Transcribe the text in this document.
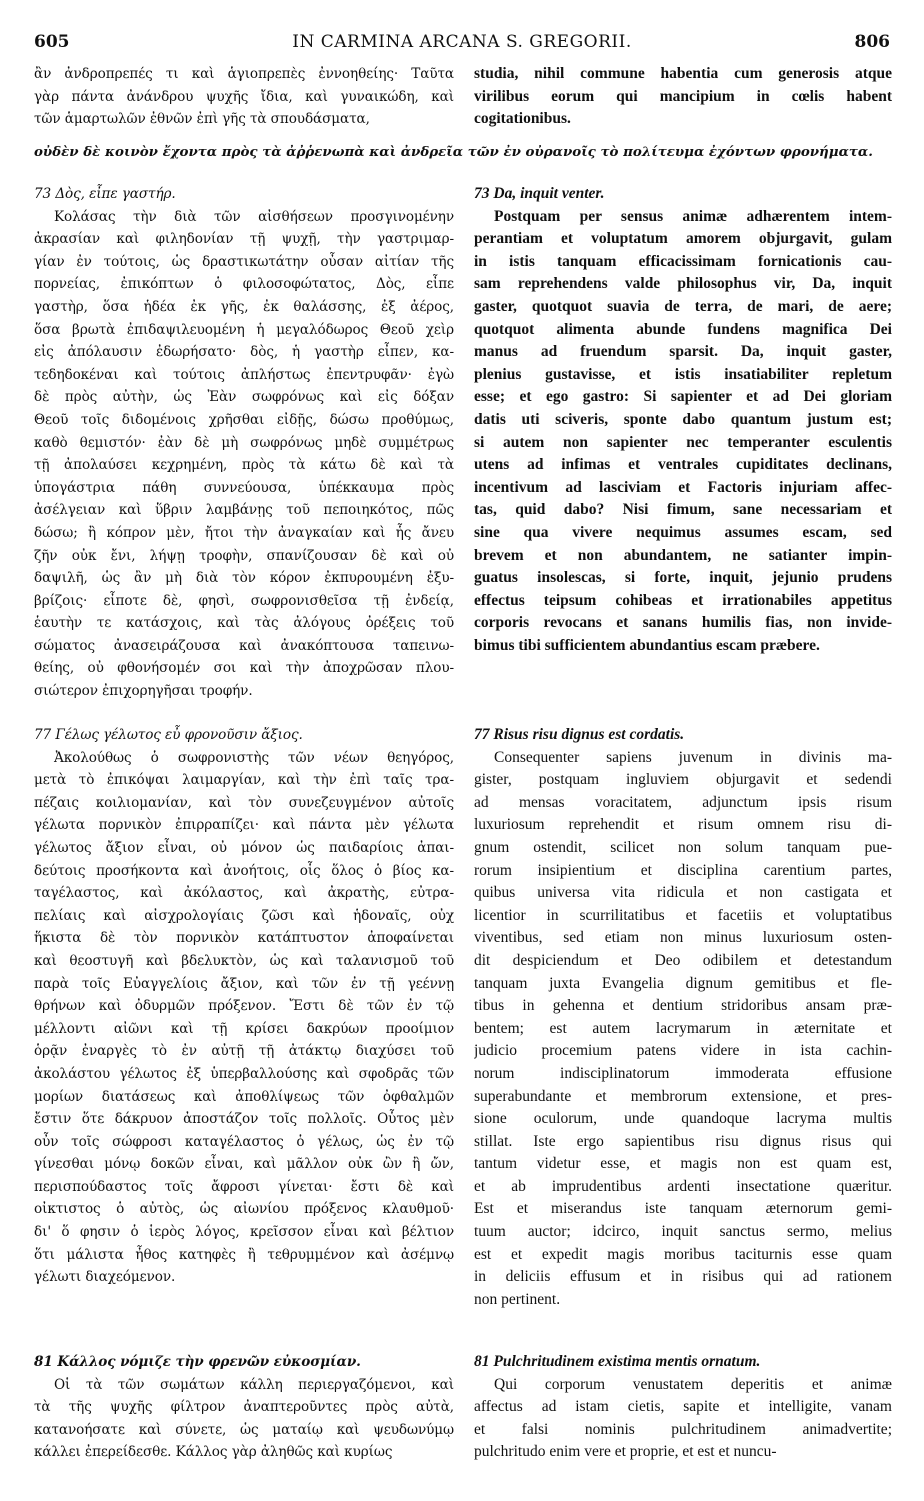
605	IN CARMINA ARCANA S. GREGORII.	806
ἂν ἀνδροπρεπές τι καὶ ἁγιοπρεπὲς ἐννοηθείης· Ταῦτα
γὰρ πάντα ἀνάνδρου ψυχῆς ἴδια, καὶ γυναικώδη, καὶ
τῶν ἁμαρτωλῶν ἐθνῶν ἐπὶ γῆς τὰ σπουδάσματα,
studia, nihil commune habentia cum generosis atque
virilibus eorum qui mancipium in cœlis habent
cogitationibus.
οὐδὲν δὲ κοινὸν ἔχοντα πρὸς τὰ ἀῤῥενωπὰ καὶ ἀνδρεῖα τῶν ἐν οὐρανοῖς τὸ πολίτευμα ἐχόντων φρονήματα.
73 Δὸς, εἶπε γαστήρ.
Κολάσας τὴν διὰ τῶν αἰσθήσεων προσγινομένην
ἀκρασίαν καὶ φιληδονίαν τῇ ψυχῇ, τὴν γαστριμαρ-
γίαν ἐν τούτοις, ὡς δραστικωτάτην οὖσαν αἰτίαν τῆς
πορνείας, ἐπικόπτων ὁ φιλοσοφώτατος, Δὸς, εἶπε
γαστὴρ, ὅσα ἡδέα ἐκ γῆς, ἐκ θαλάσσης, ἐξ ἀέρος,
ὅσα βρωτὰ ἐπιδαψιλευομένη ἡ μεγαλόδωρος Θεοῦ χεὶρ
εἰς ἀπόλαυσιν ἐδωρήσατο· δὸς, ἡ γαστὴρ εἶπεν, κα-
τεδηδοκέναι καὶ τούτοις ἀπλήστως ἐπεντρυφᾶν· ἐγὼ
δὲ πρὸς αὐτὴν, ὡς Ἐὰν σωφρόνως καὶ εἰς δόξαν
Θεοῦ τοῖς διδομένοις χρῆσθαι εἰδῇς, δώσω προθύμως,
καθὸ θεμιστόν· ἐὰν δὲ μὴ σωφρόνως μηδὲ συμμέτρως
τῇ ἀπολαύσει κεχρημένη, πρὸς τὰ κάτω δὲ καὶ τὰ
ὑπογάστρια πάθη συννεύουσα, ὑπέκκαυμα πρὸς
ἀσέλγειαν καὶ ὕβριν λαμβάνῃς τοῦ πεποιηκότος, πῶς
δώσω; ἢ κόπρον μὲν, ἤτοι τὴν ἀναγκαίαν καὶ ἧς ἄνευ
ζῆν οὐκ ἔνι, λήψῃ τροφὴν, σπανίζουσαν δὲ καὶ οὐ
δαψιλῆ, ὡς ἂν μὴ διὰ τὸν κόρον ἐκπυρουμένη ἐξυ-
βρίζοις· εἶποτε δὲ, φησὶ, σωφρονισθεῖσα τῇ ἐνδείᾳ,
ἑαυτὴν τε κατάσχοις, καὶ τὰς ἀλόγους ὀρέξεις τοῦ
σώματος ἀνασειράζουσα καὶ ἀνακόπτουσα ταπεινω-
θείης, οὐ φθονήσομέν σοι καὶ τὴν ἀποχρῶσαν πλου-
σιώτερον ἐπιχορηγῆσαι τροφήν.
73 Da, inquit venter.
Postquam per sensus animæ adhærentem intem-
perantiam et voluptatum amorem objurgavit, gulam
in istis tanquam efficacissimam fornicationis cau-
sam reprehendens valde philosophus vir, Da, inquit
gaster, quotquot suavia de terra, de mari, de aere;
quotquot alimenta abunde fundens magnifica Dei
manus ad fruendum sparsit. Da, inquit gaster,
plenius gustavisse, et istis insatiabiliter repletum
esse; et ego gastro: Si sapienter et ad Dei gloriam
datis uti sciveris, sponte dabo quantum justum est;
si autem non sapienter nec temperanter esculentis
utens ad infimas et ventrales cupiditates declinans,
incentivum ad lasciviam et Factoris injuriam affec-
tas, quid dabo? Nisi fimum, sane necessariam et
sine qua vivere nequimus assumes escam, sed
brevem et non abundantem, ne satianter impin-
guatus insolescas, si forte, inquit, jejunio prudens
effectus teipsum cohibeas et irrationabiles appetitus
corporis revocans et sanans humilis fias, non invide-
bimus tibi sufficientem abundantius escam præbere.
77 Γέλως γέλωτος εὖ φρονοῦσιν ἄξιος.
Ἀκολούθως ὁ σωφρονιστὴς τῶν νέων θεηγόρος,
μετὰ τὸ ἐπικόψαι λαιμαργίαν, καὶ τὴν ἐπὶ ταῖς τρα-
πέζαις κοιλιομανίαν, καὶ τὸν συνεζευγμένον αὐτοῖς
γέλωτα πορνικὸν ἐπιρραπίζει· καὶ πάντα μὲν γέλωτα
γέλωτος ἄξιον εἶναι, οὐ μόνον ὡς παιδαρίοις ἀπαι-
δεύτοις προσήκοντα καὶ ἀνοήτοις, οἷς ὅλος ὁ βίος κα-
ταγέλαστος, καὶ ἀκόλαστος, καὶ ἀκρατὴς, εὐτρα-
πελίαις καὶ αἰσχρολογίαις ζῶσι καὶ ἡδοναῖς, οὐχ
ἥκιστα δὲ τὸν πορνικὸν κατάπτυστον ἀποφαίνεται
καὶ θεοστυγῆ καὶ βδελυκτὸν, ὡς καὶ ταλανισμοῦ τοῦ
παρὰ τοῖς Εὐαγγελίοις ἄξιον, καὶ τῶν ἐν τῇ γεέννῃ
θρήνων καὶ ὀδυρμῶν πρόξενον. Ἔστι δὲ τῶν ἐν τῷ
μέλλοντι αἰῶνι καὶ τῇ κρίσει δακρύων προοίμιον
ὁρᾷν ἐναργὲς τὸ ἐν αὐτῇ τῇ ἀτάκτῳ διαχύσει τοῦ
ἀκολάστου γέλωτος ἐξ ὑπερβαλλούσης καὶ σφοδρᾶς τῶν
μορίων διατάσεως καὶ ἀποθλίψεως τῶν ὀφθαλμῶν
ἔστιν ὅτε δάκρυον ἀποστάζον τοῖς πολλοῖς. Οὗτος μὲν
οὖν τοῖς σώφροσι καταγέλαστος ὁ γέλως, ὡς ἐν τῷ
γίνεσθαι μόνῳ δοκῶν εἶναι, καὶ μᾶλλον οὐκ ὢν ἢ ὤν,
περισπούδαστος τοῖς ἄφροσι γίνεται· ἔστι δὲ καὶ
οἰκτιστος ὁ αὐτὸς, ὡς αἰωνίου πρόξενος κλαυθμοῦ·
δι' ὅ φησιν ὁ ἱερὸς λόγος, κρεῖσσον εἶναι καὶ βέλτιον
ὅτι μάλιστα ἦθος κατηφὲς ἢ τεθρυμμένον καὶ ἀσέμνῳ
γέλωτι διαχεόμενον.
77 Risus risu dignus est cordatis.
Consequenter sapiens juvenum in divinis ma-
gister, postquam ingluviem objurgavit et sedendi
ad mensas voracitatem, adjunctum ipsis risum
luxuriosum reprehendit et risum omnem risu di-
gnum ostendit, scilicet non solum tanquam pue-
rorum insipientium et disciplina carentium partes,
quibus universa vita ridicula et non castigata et
licentior in scurrilitatibus et facetiis et voluptatibus
viventibus, sed etiam non minus luxuriosum osten-
dit despiciendum et Deo odibilem et detestandum
tanquam juxta Evangelia dignum gemitibus et fle-
tibus in gehenna et dentium stridoribus ansam præ-
bentem; est autem lacrymarum in æternitate et
judicio procemium patens videre in ista cachin-
norum indisciplinatorum immoderata effusione
superabundante et membrorum extensione, et pres-
sione oculorum, unde quandoque lacryma multis
stillat. Iste ergo sapientibus risu dignus risus qui
tantum videtur esse, et magis non est quam est,
et ab imprudentibus ardenti insectatione quæritur.
Est et miserandus iste tanquam æternorum gemi-
tuum auctor; idcirco, inquit sanctus sermo, melius
est et expedit magis moribus taciturnis esse quam
in deliciis effusum et in risibus qui ad rationem
non pertinent.
81 Κάλλος νόμιζε τὴν φρενῶν εὐκοσμίαν.
Οἱ τὰ τῶν σωμάτων κάλλη περιεργαζόμενοι, καὶ
τὰ τῆς ψυχῆς φίλτρον ἀναπτεροῦντες πρὸς αὐτὰ,
κατανοήσατε καὶ σύνετε, ὡς ματαίῳ καὶ ψευδωνύμῳ
κάλλει ἐπερείδεσθε. Κάλλος γὰρ ἀληθῶς καὶ κυρίως
81 Pulchritudinem existima mentis ornatum.
Qui corporum venustatem deperitis et animæ
affectus ad istam cietis, sapite et intelligite, vanam
et falsi nominis pulchritudinem animadvertite;
pulchritudo enim vere et proprie, et est et nuncu-
